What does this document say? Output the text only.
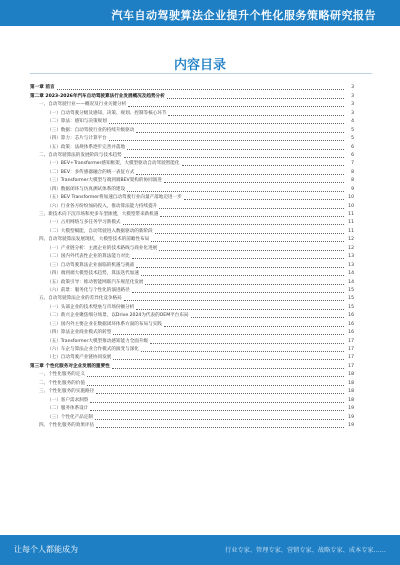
汽车自动驾驶算法企业提升个性化服务策略研究报告
内容目录
第一章 前言	3
第二章 2023-2026年汽车自动驾驶算法行业发展概况及趋势分析	3
一、自动驾驶行业——概况及行业关键分析	3
（一）自动驾驶分级及感知、决策、规划、控制等核心环节	3
（二）算法：感知与决策规划	4
（三）数据：自动驾驶行业的持续升级驱动	5
（四）算力：芯片与计算平台	5
（五）政策：法规体系逐步完善并落地	6
二、自动驾驶算法的发展阶段与技术趋势	6
（一）BEV+Transformer感知框架，大模型驱动自动驾驶智能化	7
（二）BEV：多传感器融合的统一表征方式	8
（三）Transformer大模型与端到端BEV架构的协同演进	8
（四）数据闭环与仿真测试体系的建设	9
（五）BEV Transformer将加速自动驾驶行业向量产落地迈进一步	10
（六）行业各方纷纷加码投入，推动算法能力持续提升	10
三、新技术向下沉市场和更多车型渗透，大模型带来新机遇	11
（一）占用网络与多任务学习新模式	11
（二）大模型赋能，自动驾驶进入数据驱动的新阶段	11
四、自动驾驶算法发展现状，大模型技术的前瞻性布局	12
（一）产业链分析：主流企业的技术路线与商业化进展	12
（二）国内外代表性企业的算法能力对比	13
（三）自动驾驶算法企业面临的机遇与挑战	13
（四）端到端大模型技术趋势，算法迭代加速	14
（五）政策引导：推动智能网联汽车规范化发展	14
（六）前景：服务化与个性化的演进路径	15
五、自动驾驶算法企业的差异化竞争格局	15
（一）头部企业的技术壁垒与市场份额分析	15
（二）新兴企业聚焦细分场景，以Drive 2024为代表的OEM平台布局	16
（三）国内外主要企业在数据闭环体系方面的布局与实践	16
（四）算法企业商业模式的转型	16
（五）Transformer大模型推动感知能力全面升级	17
（六）车企与算法企业合作模式的演变与深化	17
（七）自动驾驶产业链协同发展	17
第三章 个性化服务对企业发展的重要性	17
一、个性化服务的定义	18
二、个性化服务的价值	18
三、个性化服务的实施路径	18
（一）客户需求洞察	18
（二）服务体系设计	19
（三）个性化产品定制	19
四、个性化服务的效果评估	19
让每个人都能成为	行业专家、管理专家、营销专家、战略专家、成本专家……
